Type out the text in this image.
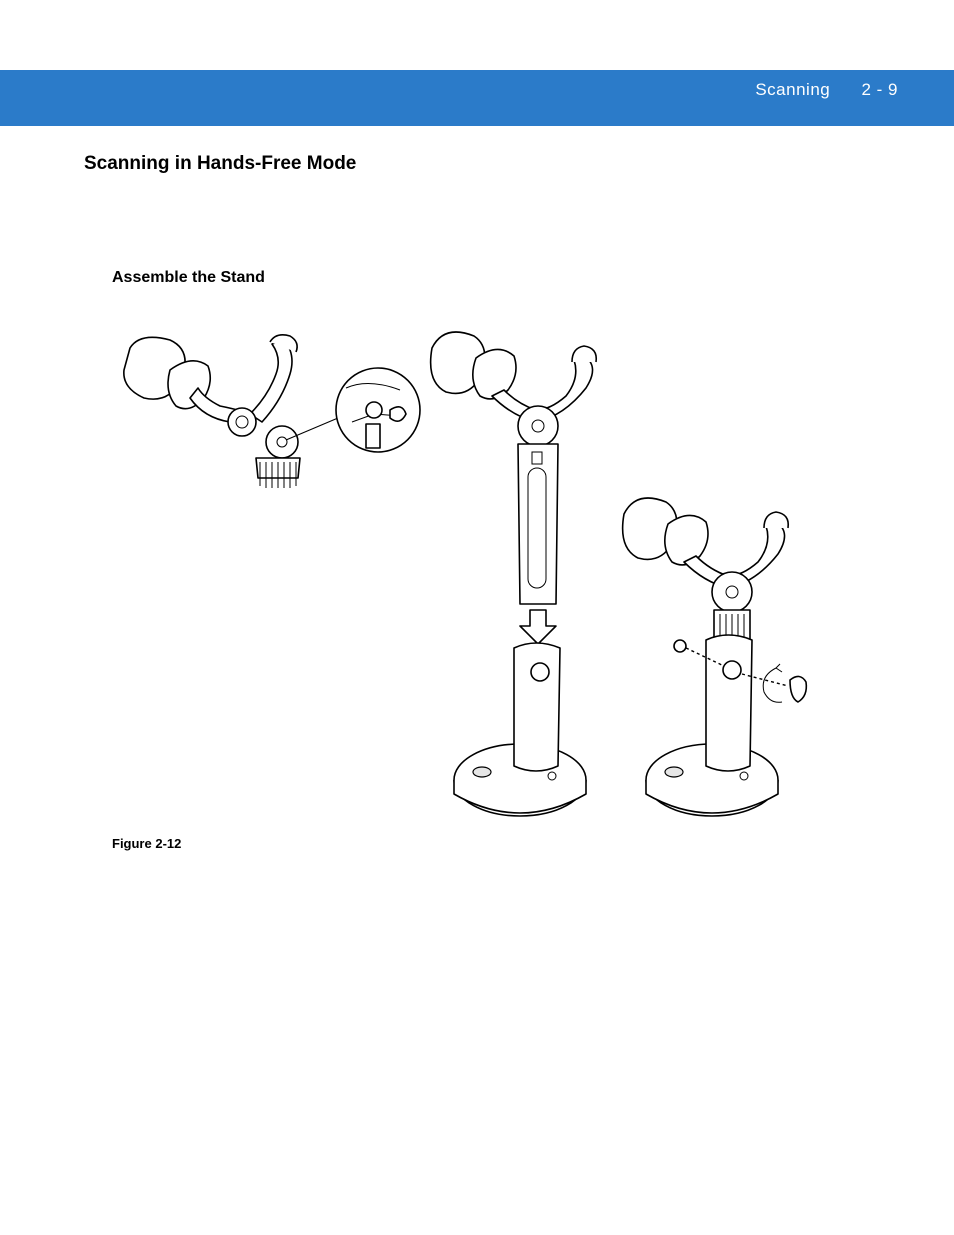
Scanning 2 - 9
Scanning in Hands-Free Mode
Assemble the Stand
Figure 2-12
